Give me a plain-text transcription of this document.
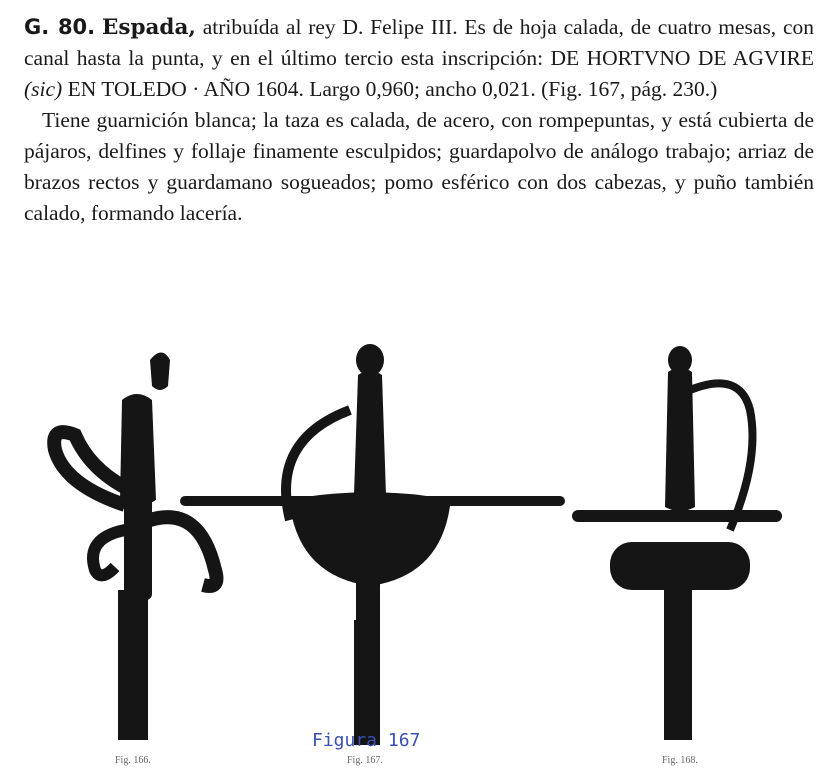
G. 80. Espada, atribuída al rey D. Felipe III. Es de hoja calada, de cuatro mesas, con canal hasta la punta, y en el último tercio esta inscripción: DE HORTVNO DE AGVIRE (sic) EN TOLEDO · AÑO 1604. Largo 0,960; ancho 0,021. (Fig. 167, pág. 230.)

Tiene guarnición blanca; la taza es calada, de acero, con rompepuntas, y está cubierta de pájaros, delfines y follaje finamente esculpidos; guardapolvo de análogo trabajo; arriaz de brazos rectos y guardamano sogueados; pomo esférico con dos cabezas, y puño también calado, formando lacería.

Figura 167
Fig. 166.	Fig. 167.	Fig. 168.
